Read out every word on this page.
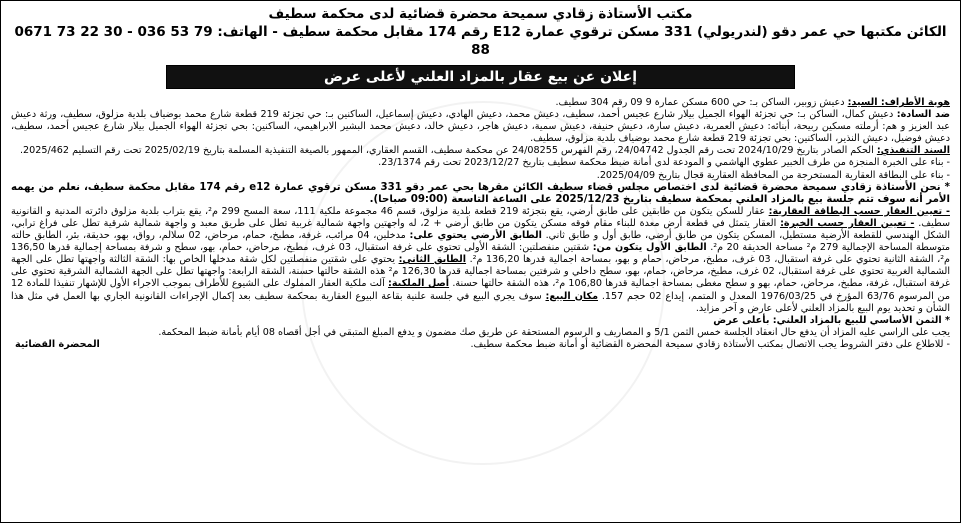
مكتب الأستاذة زقادي سميحة محضرة قضائية لدى محكمة سطيف
الكائن مكتبها حي عمر دقو (لندريولي) 331 مسكن ترقوي عمارة E12 رقم 174 مقابل محكمة سطيف - الهاتف: 0671 73 22 30 - 036 53 79 88
إعلان عن بيع عقار بالمزاد العلني لأعلى عرض

هوية الأطراف: السيد: دعيش زوبير، الساكن بـ: حي 600 مسكن عمارة 9 09 رقم 304 سطيف.

ضد السادة: دعيش كمال، الساكن بـ: حي تجزئة الهواء الجميل بيلار شارع عجيس أحمد، سطيف، دعيش محمد، دعيش الهادي، دعيش إسماعيل، الساكنين بـ: حي تجزئة 219 قطعة شارع محمد بوضياف بلدية مزلوق، سطيف، ورثة دعيش عبد العزيز و هم: أرملته مسكين ربيحة، أبنائه: دعيش العمرية، دعيش سارة، دعيش حنيفة، دعيش سمية، دعيش هاجر، دعيش خالد، دعيش محمد البشير الابراهيمي، الساكنين: بحي تجزئة الهواء الجميل بيلار شارع عجيس أحمد، سطيف، دعيش فوضيل، دعيش النذير، الساكنين: بحي تجزئة 219 قطعة شارع محمد بوضياف بلدية مزلوق، سطيف.

السند التنفيذي: الحكم الصادر بتاريخ 2024/10/29 تحت رقم الجدول 24/04742، رقم الفهرس 24/08255 عن محكمة سطيف، القسم العقاري، الممهور بالصيغة التنفيذية المسلمة بتاريخ 2025/02/19 تحت رقم التسليم 2025/462.

- بناء على الخبرة المنجزة من طرف الخبير عطوي الهاشمي و المودعة لدى أمانة ضبط محكمة سطيف بتاريخ 2023/12/27 تحت رقم 23/1374.

- بناء على البطاقة العقارية المستخرجة من المحافظة العقارية قجال بتاريخ 2025/04/09.

* نحن الأستاذة زقادي سميحة محضرة قضائية لدى اختصاص مجلس قضاء سطيف الكائن مقرها بحي عمر دقو 331 مسكن ترقوي عمارة e12 رقم 174 مقابل محكمة سطيف، نعلم من يهمه الأمر أنه سوف تتم جلسة بيع بالمزاد العلني بمحكمة سطيف بتاريخ 2025/12/23 على الساعة التاسعة (09:00 صباحا).

- تعيين العقار حسب البطاقة العقارية: عقار للسكن يتكون من طابقين على طابق أرضي، يقع بتجزئة 219 قطعة بلدية مزلوق، قسم 46 مجموعة ملكية 111، سعة المسح 299 م²، يقع بتراب بلدية مزلوق دائرته المدنية و القانونية سطيف. - تعيين العقار حسب الخبرة: العقار يتمثل في قطعة أرض معدة للبناء مقام فوقه مسكن يتكون من طابق أرضي + 2، له واجهتين واجهة شمالية غربية تطل على طريق معبد و واجهة شمالية شرقية تطل على فراغ ترابي، الشكل الهندسي للقطعة الأرضية مستطيل، المسكن يتكون من طابق أرضي، طابق أول و طابق ثاني. الطابق الأرضي يحتوي على: مدخلين، 04 مرائب، غرفة، مطبخ، حمام، مرحاض، 02 سلالم، رواق، بهو، حديقة، بئر، الطابق حالته متوسطة المساحة الإجمالية 279 م² مساحة الحديقة 20 م². الطابق الأول يتكون من: شقتين منفصلتين: الشقة الأولى تحتوي على غرفة استقبال، 03 غرف، مطبخ، مرحاض، حمام، بهو، سطح و شرفة بمساحة إجمالية قدرها 136,50 م²، الشقة الثانية تحتوي على غرفة استقبال، 03 غرف، مطبخ، مرحاض، حمام و بهو، بمساحة اجمالية قدرها 136,20 م². الطابق الثاني: يحتوي على شقتين منفصلتين لكل شقة مدخلها الخاص بها: الشقة الثالثة واجهتها تطل على الجهة الشمالية الغربية تحتوي على غرفة استقبال، 02 غرف، مطبخ، مرحاض، حمام، بهو، سطح داخلي و شرفتين بمساحة اجمالية قدرها 126,30 م² هذه الشقة حالتها حسنة، الشقة الرابعة: واجهتها تطل على الجهة الشمالية الشرقية تحتوي على غرفة استقبال، غرفة، مطبخ، مرحاض، حمام، بهو و سطح مغطى بمساحة اجمالية قدرها 106,80 م²، هذه الشقة حالتها حسنة. أصل الملكية: آلت ملكية العقار المملوك على الشيوع للأطراف بموجب الاجراء الأول للإشهار تنفيذا للمادة 12 من المرسوم 63/76 المؤرخ في 1976/03/25 المعدل و المتمم، إيداع 02 حجم 157. مكان البيع: سوف يجري البيع في جلسة علنية بقاعة البيوع العقارية بمحكمة سطيف بعد إكمال الإجراءات القانونية الجاري بها العمل في مثل هذا الشأن و تحديد يوم البيع بالمزاد العلني لأعلى عارض و آخر مزايد.

* الثمن الأساسي للبيع بالمزاد العلني: بأعلى عرض

يجب على الراسي عليه المزاد أن يدفع حال انعقاد الجلسة خمس الثمن 5/1 و المصاريف و الرسوم المستحقة عن طريق صك مضمون و يدفع المبلغ المتبقي في أجل أقصاه 08 أيام بأمانة ضبط المحكمة.

- للاطلاع على دفتر الشروط يجب الاتصال بمكتب الأستاذة زقادي سميحة المحضرة القضائية أو أمانة ضبط محكمة سطيف.

المحضرة القضائية
